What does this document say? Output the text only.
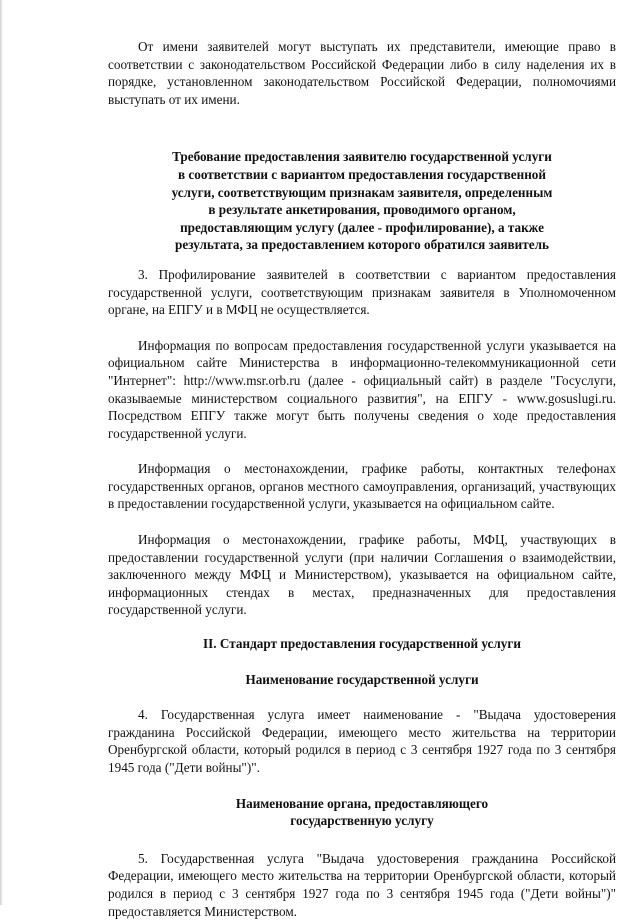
От имени заявителей могут выступать их представители, имеющие право в соответствии с законодательством Российской Федерации либо в силу наделения их в порядке, установленном законодательством Российской Федерации, полномочиями выступать от их имени.

Требование предоставления заявителю государственной услуги
в соответствии с вариантом предоставления государственной
услуги, соответствующим признакам заявителя, определенным
в результате анкетирования, проводимого органом,
предоставляющим услугу (далее - профилирование), а также
результата, за предоставлением которого обратился заявитель

3. Профилирование заявителей в соответствии с вариантом предоставления государственной услуги, соответствующим признакам заявителя в Уполномоченном органе, на ЕПГУ и в МФЦ не осуществляется.

Информация по вопросам предоставления государственной услуги указывается на официальном сайте Министерства в информационно-телекоммуникационной сети "Интернет": http://www.msr.orb.ru (далее - официальный сайт) в разделе "Госуслуги, оказываемые министерством социального развития", на ЕПГУ - www.gosuslugi.ru. Посредством ЕПГУ также могут быть получены сведения о ходе предоставления государственной услуги.

Информация о местонахождении, графике работы, контактных телефонах государственных органов, органов местного самоуправления, организаций, участвующих в предоставлении государственной услуги, указывается на официальном сайте.

Информация о местонахождении, графике работы, МФЦ, участвующих в предоставлении государственной услуги (при наличии Соглашения о взаимодействии, заключенного между МФЦ и Министерством), указывается на официальном сайте, информационных стендах в местах, предназначенных для предоставления государственной услуги.

II. Стандарт предоставления государственной услуги

Наименование государственной услуги

4. Государственная услуга имеет наименование - "Выдача удостоверения гражданина Российской Федерации, имеющего место жительства на территории Оренбургской области, который родился в период с 3 сентября 1927 года по 3 сентября 1945 года ("Дети войны")".

Наименование органа, предоставляющего
государственную услугу

5. Государственная услуга "Выдача удостоверения гражданина Российской Федерации, имеющего место жительства на территории Оренбургской области, который родился в период с 3 сентября 1927 года по 3 сентября 1945 года ("Дети войны")" предоставляется Министерством.
